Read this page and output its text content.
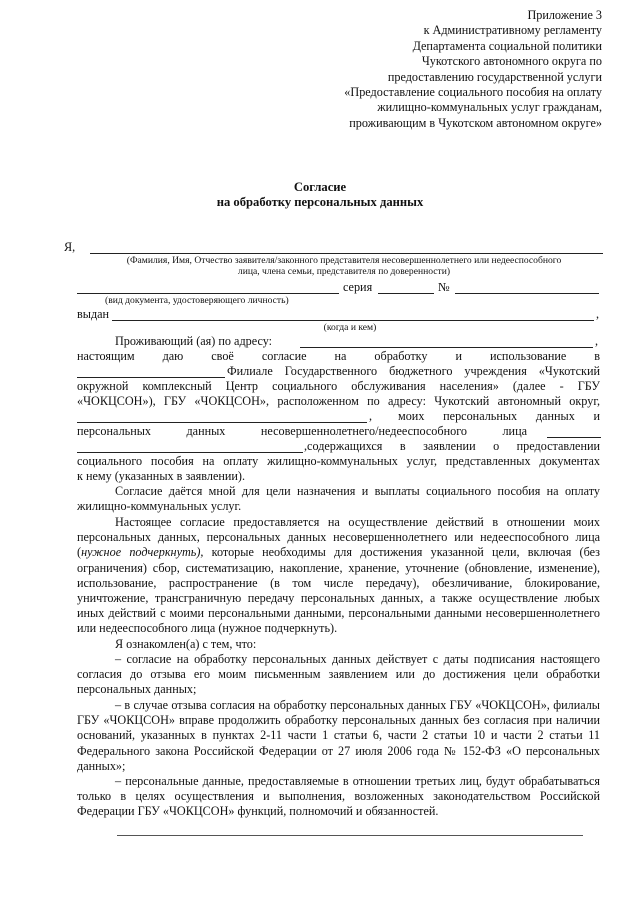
Приложение 3
к Административному регламенту
Департамента социальной политики
Чукотского автономного округа по
предоставлению государственной услуги
«Предоставление социального пособия на оплату
жилищно-коммунальных услуг гражданам,
проживающим в Чукотском автономном округе»
Согласие
на обработку персональных данных
Я,
(Фамилия, Имя, Отчество заявителя/законного представителя несовершеннолетнего или недееспособного
лица, члена семьи, представителя по доверенности)
серия	№
(вид документа, удостоверяющего личность)
выдан	,
(когда и кем)
Проживающий (ая) по адресу:	,
настоящим даю своё согласие на обработку и использование в
Филиале Государственного бюджетного учреждения «Чукотский
окружной комплексный Центр социального обслуживания населения» (далее - ГБУ
«ЧОКЦСОН»), ГБУ «ЧОКЦСОН», расположенном по адресу: Чукотский автономный округ,
, моих персональных данных и
персональных	данных	несовершеннолетнего/недееспособного	лица
,содержащихся в заявлении о предоставлении
социального пособия на оплату жилищно-коммунальных услуг, представленных документах
к нему (указанных в заявлении).
Согласие даётся мной для цели назначения и выплаты социального пособия на оплату жилищно-коммунальных услуг.
Настоящее согласие предоставляется на осуществление действий в отношении моих персональных данных, персональных данных несовершеннолетнего или недееспособного лица (нужное подчеркнуть), которые необходимы для достижения указанной цели, включая (без ограничения) сбор, систематизацию, накопление, хранение, уточнение (обновление, изменение), использование, распространение (в том числе передачу), обезличивание, блокирование, уничтожение, трансграничную передачу персональных данных, а также осуществление любых иных действий с моими персональными данными, персональными данными несовершеннолетнего или недееспособного лица (нужное подчеркнуть).
Я ознакомлен(а) с тем, что:
– согласие на обработку персональных данных действует с даты подписания настоящего согласия до отзыва его моим письменным заявлением или до достижения цели обработки персональных данных;
– в случае отзыва согласия на обработку персональных данных ГБУ «ЧОКЦСОН», филиалы ГБУ «ЧОКЦСОН» вправе продолжить обработку персональных данных без согласия при наличии оснований, указанных в пунктах 2-11 части 1 статьи 6, части 2 статьи 10 и части 2 статьи 11 Федерального закона Российской Федерации от 27 июля 2006 года № 152-ФЗ «О персональных данных»;
– персональные данные, предоставляемые в отношении третьих лиц, будут обрабатываться только в целях осуществления и выполнения, возложенных законодательством Российской Федерации ГБУ «ЧОКЦСОН» функций, полномочий и обязанностей.
